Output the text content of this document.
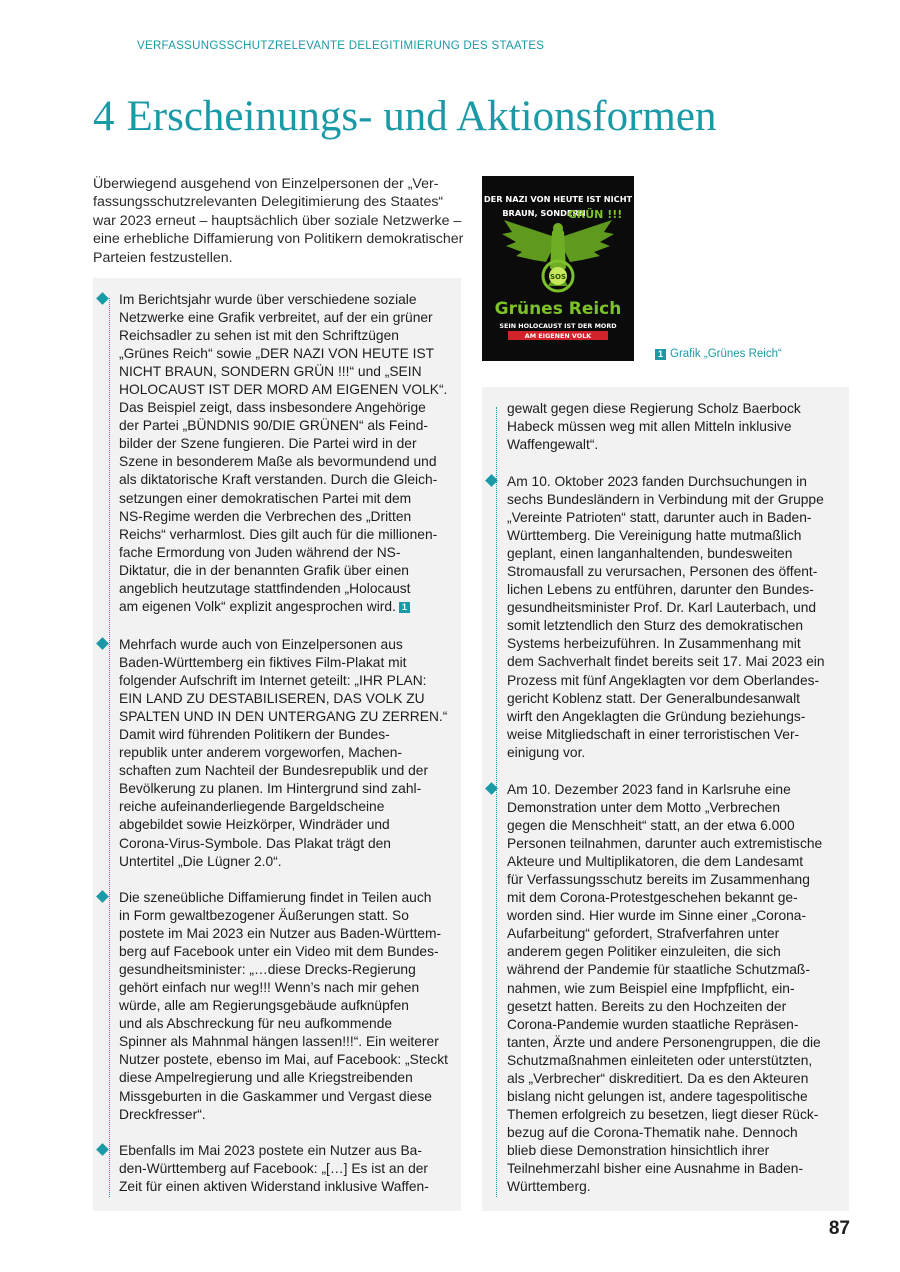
VERFASSUNGSSCHUTZRELEVANTE DELEGITIMIERUNG DES STAATES
4 Erscheinungs- und Aktionsformen

Überwiegend ausgehend von Einzelpersonen der „Ver-

fassungsschutzrelevanten Delegitimierung des Staates“

war 2023 erneut – hauptsächlich über soziale Netzwerke –

eine erhebliche Diffamierung von Politikern demokratischer

Parteien festzustellen.

DER NAZI VON HEUTE IST NICHT
BRAUN, SONDERN
GRÜN !!!
SOS
Grünes Reich
SEIN HOLOCAUST IST DER MORD
AM EIGENEN VOLK
1 Grafik „Grünes Reich“

Im Berichtsjahr wurde über verschiedene soziale

Netzwerke eine Grafik verbreitet, auf der ein grüner

Reichsadler zu sehen ist mit den Schriftzügen

„Grünes Reich“ sowie „DER NAZI VON HEUTE IST

NICHT BRAUN, SONDERN GRÜN !!!“ und „SEIN

HOLOCAUST IST DER MORD AM EIGENEN VOLK“.

Das Beispiel zeigt, dass insbesondere Angehörige

der Partei „BÜNDNIS 90/DIE GRÜNEN“ als Feind-

bilder der Szene fungieren. Die Partei wird in der

Szene in besonderem Maße als bevormundend und

als diktatorische Kraft verstanden. Durch die Gleich-

setzungen einer demokratischen Partei mit dem

NS-Regime werden die Verbrechen des „Dritten

Reichs“ verharmlost. Dies gilt auch für die millionen-

fache Ermordung von Juden während der NS-

Diktatur, die in der benannten Grafik über einen

angeblich heutzutage stattfindenden „Holocaust

am eigenen Volk“ explizit angesprochen wird. 1

Mehrfach wurde auch von Einzelpersonen aus

Baden-Württemberg ein fiktives Film-Plakat mit

folgender Aufschrift im Internet geteilt: „IHR PLAN:

EIN LAND ZU DESTABILISEREN, DAS VOLK ZU

SPALTEN UND IN DEN UNTERGANG ZU ZERREN.“

Damit wird führenden Politikern der Bundes-

republik unter anderem vorgeworfen, Machen-

schaften zum Nachteil der Bundesrepublik und der

Bevölkerung zu planen. Im Hintergrund sind zahl-

reiche aufeinanderliegende Bargeldscheine

abgebildet sowie Heizkörper, Windräder und

Corona-Virus-Symbole. Das Plakat trägt den

Untertitel „Die Lügner 2.0“.

Die szeneübliche Diffamierung findet in Teilen auch

in Form gewaltbezogener Äußerungen statt. So

postete im Mai 2023 ein Nutzer aus Baden-Württem-

berg auf Facebook unter ein Video mit dem Bundes-

gesundheitsminister: „…diese Drecks-Regierung

gehört einfach nur weg!!! Wenn’s nach mir gehen

würde, alle am Regierungsgebäude aufknüpfen

und als Abschreckung für neu aufkommende

Spinner als Mahnmal hängen lassen!!!“. Ein weiterer

Nutzer postete, ebenso im Mai, auf Facebook: „Steckt

diese Ampelregierung und alle Kriegstreibenden

Missgeburten in die Gaskammer und Vergast diese

Dreckfresser“.

Ebenfalls im Mai 2023 postete ein Nutzer aus Ba-

den-Württemberg auf Facebook: „[…] Es ist an der

Zeit für einen aktiven Widerstand inklusive Waffen-

gewalt gegen diese Regierung Scholz Baerbock

Habeck müssen weg mit allen Mitteln inklusive

Waffengewalt“.

Am 10. Oktober 2023 fanden Durchsuchungen in

sechs Bundesländern in Verbindung mit der Gruppe

„Vereinte Patrioten“ statt, darunter auch in Baden-

Württemberg. Die Vereinigung hatte mutmaßlich

geplant, einen langanhaltenden, bundesweiten

Stromausfall zu verursachen, Personen des öffent-

lichen Lebens zu entführen, darunter den Bundes-

gesundheitsminister Prof. Dr. Karl Lauterbach, und

somit letztendlich den Sturz des demokratischen

Systems herbeizuführen. In Zusammenhang mit

dem Sachverhalt findet bereits seit 17. Mai 2023 ein

Prozess mit fünf Angeklagten vor dem Oberlandes-

gericht Koblenz statt. Der Generalbundesanwalt

wirft den Angeklagten die Gründung beziehungs-

weise Mitgliedschaft in einer terroristischen Ver-

einigung vor.

Am 10. Dezember 2023 fand in Karlsruhe eine

Demonstration unter dem Motto „Verbrechen

gegen die Menschheit“ statt, an der etwa 6.000

Personen teilnahmen, darunter auch extremistische

Akteure und Multiplikatoren, die dem Landesamt

für Verfassungsschutz bereits im Zusammenhang

mit dem Corona-Protestgeschehen bekannt ge-

worden sind. Hier wurde im Sinne einer „Corona-

Aufarbeitung“ gefordert, Strafverfahren unter

anderem gegen Politiker einzuleiten, die sich

während der Pandemie für staatliche Schutzmaß-

nahmen, wie zum Beispiel eine Impfpflicht, ein-

gesetzt hatten. Bereits zu den Hochzeiten der

Corona-Pandemie wurden staatliche Repräsen-

tanten, Ärzte und andere Personengruppen, die die

Schutzmaßnahmen einleiteten oder unterstützten,

als „Verbrecher“ diskreditiert. Da es den Akteuren

bislang nicht gelungen ist, andere tagespolitische

Themen erfolgreich zu besetzen, liegt dieser Rück-

bezug auf die Corona-Thematik nahe. Dennoch

blieb diese Demonstration hinsichtlich ihrer

Teilnehmerzahl bisher eine Ausnahme in Baden-

Württemberg.

87
